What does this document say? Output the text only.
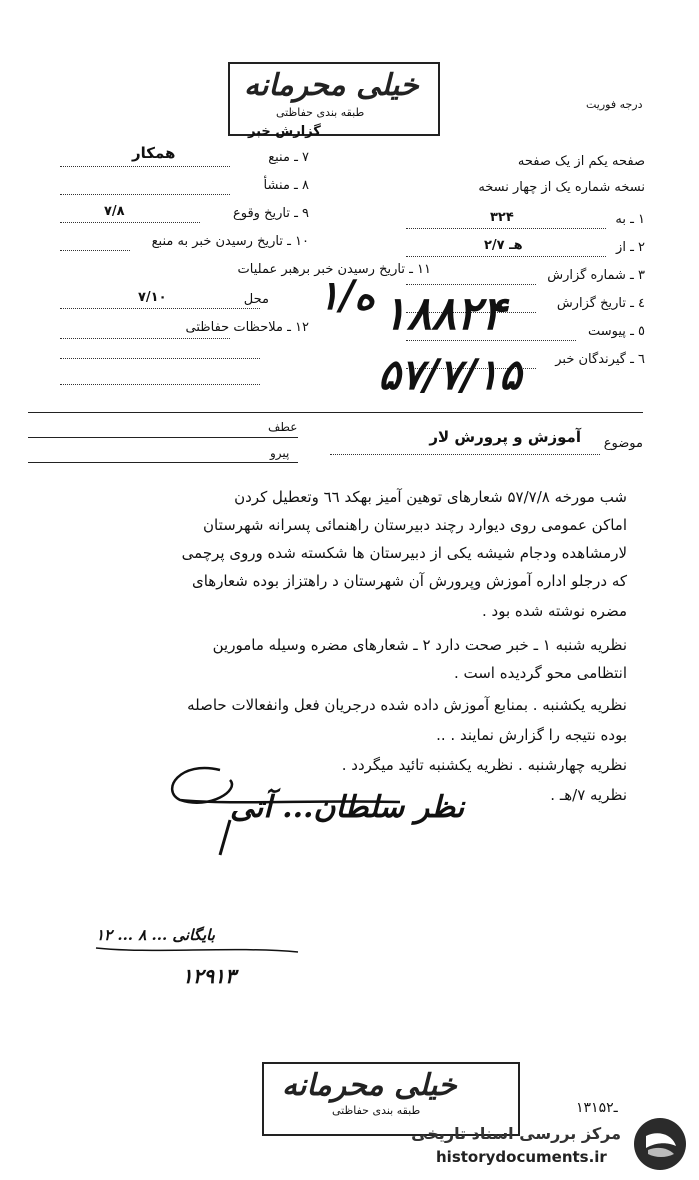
خیلی محرمانه
طبقه بندی حفاظتی
گزارش خبر
درجه فوریت
صفحه یکم از یک صفحه
نسخه شماره یک از چهار نسخه
۱ ـ به
۳۲۴
۲ ـ از
۲/۷ هـ
۳ ـ شماره گزارش
٤ ـ تاریخ گزارش
٥ ـ پیوست
٦ ـ گیرندگان خبر
۷ ـ منبع
همکار
۸ ـ منشأ
۹ ـ تاریخ وقوع
۷/۸
۱۰ ـ تاریخ رسیدن خبر به منبع
۱۱ ـ تاریخ رسیدن خبر برهبر عملیات
محل
۷/۱۰
۱۲ ـ ملاحظات حفاظتی
۱/ه ۱۸۸۲۴
۵۷/۷/۱۵
موضوع
آموزش و پرورش لار
عطف
پیرو
شب مورخه ۵۷/۷/۸ شعارهای توهین آمیز بهکد ٦٦ وتعطیل کردن
اماکن عمومی روی دیوارد رچند دبیرستان راهنمائی پسرانه شهرستان
لارمشاهده ودجام شیشه یکی از دبیرستان ها شکسته شده وروی پرچمی
که درجلو اداره آموزش وپرورش آن شهرستان د راهتزاز بوده شعارهای
مضره نوشته شده بود .
نظریه شنبه ۱ ـ خبر صحت دارد ۲ ـ شعارهای مضره وسیله مامورین
انتظامی محو گردیده است .
نظریه یکشنبه . بمنابع آموزش داده شده درجریان فعل وانفعالات حاصله
بوده نتیجه را گزارش نمایند . ..
نظریه چهارشنبه . نظریه یکشنبه تائید میگردد .
نظریه ۷/هـ .
نظر سلطان... آتی
بایگانی ... ۸ ... ۱۲
۱۲۹۱۳
خیلی محرمانه
طبقه بندی حفاظتی	۱۳۱ـ۵۲
مرکز بررسی اسناد تاریخی
historydocuments.ir
